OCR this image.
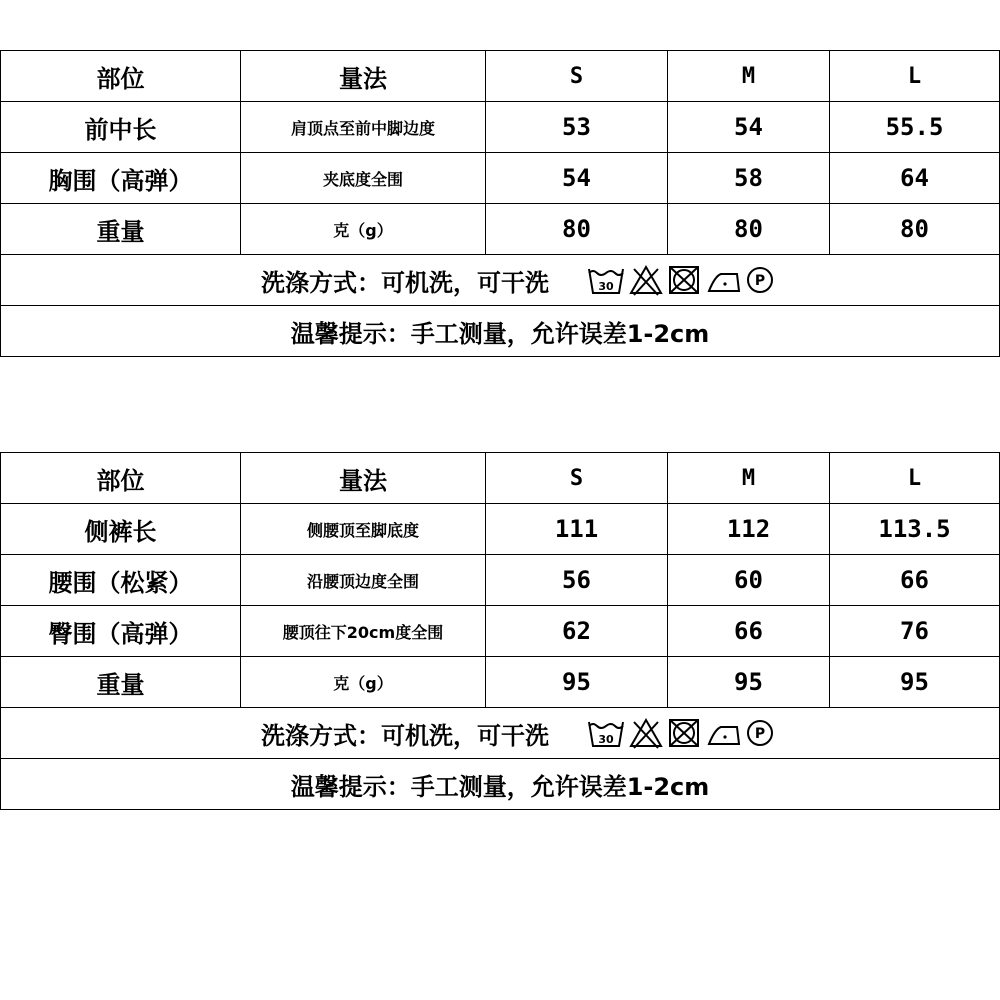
部位	量法	S	M	L
前中长	肩顶点至前中脚边度	53	54	55.5
胸围（高弹）	夹底度全围	54	58	64
重量	克（g）	80	80	80

洗涤方式：可机洗，可干洗 30 P				

温馨提示：手工测量，允许误差1-2cm				
部位	量法	S	M	L
侧裤长	侧腰顶至脚底度	111	112	113.5
腰围（松紧）	沿腰顶边度全围	56	60	66
臀围（高弹）	腰顶往下20cm度全围	62	66	76
重量	克（g）	95	95	95

洗涤方式：可机洗，可干洗 30 P				

温馨提示：手工测量，允许误差1-2cm				
